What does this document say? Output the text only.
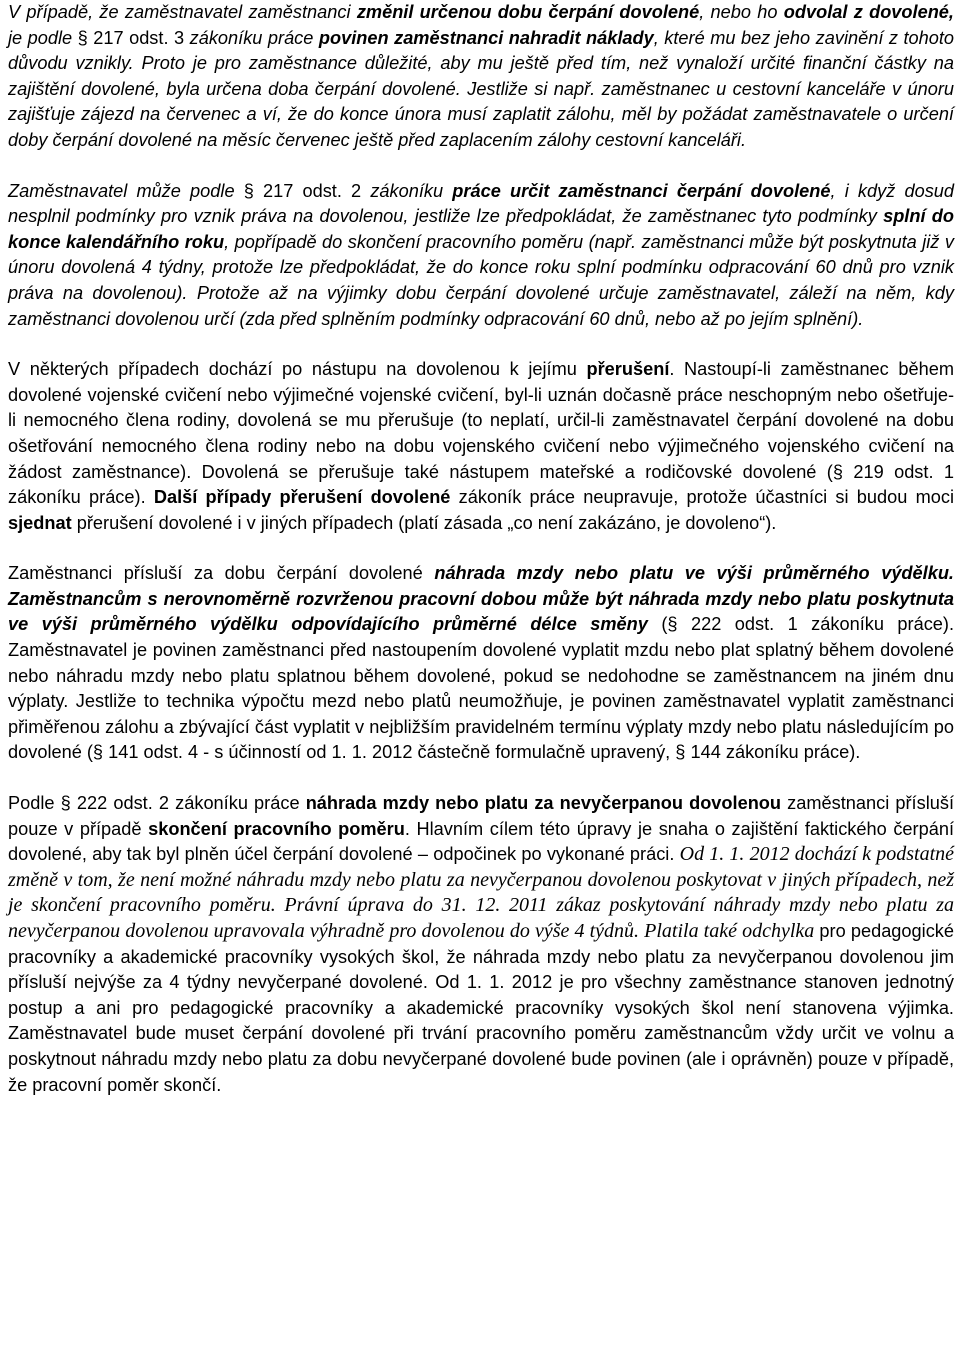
V případě, že zaměstnavatel zaměstnanci změnil určenou dobu čerpání dovolené, nebo ho odvolal z dovolené, je podle § 217 odst. 3 zákoníku práce povinen zaměstnanci nahradit náklady, které mu bez jeho zavinění z tohoto důvodu vznikly. Proto je pro zaměstnance důležité, aby mu ještě před tím, než vynaloží určité finanční částky na zajištění dovolené, byla určena doba čerpání dovolené. Jestliže si např. zaměstnanec u cestovní kanceláře v únoru zajišťuje zájezd na červenec a ví, že do konce února musí zaplatit zálohu, měl by požádat zaměstnavatele o určení doby čerpání dovolené na měsíc červenec ještě před zaplacením zálohy cestovní kanceláři.

Zaměstnavatel může podle § 217 odst. 2 zákoníku práce určit zaměstnanci čerpání dovolené, i když dosud nesplnil podmínky pro vznik práva na dovolenou, jestliže lze předpokládat, že zaměstnanec tyto podmínky splní do konce kalendářního roku, popřípadě do skončení pracovního poměru (např. zaměstnanci může být poskytnuta již v únoru dovolená 4 týdny, protože lze předpokládat, že do konce roku splní podmínku odpracování 60 dnů pro vznik práva na dovolenou). Protože až na výjimky dobu čerpání dovolené určuje zaměstnavatel, záleží na něm, kdy zaměstnanci dovolenou určí (zda před splněním podmínky odpracování 60 dnů, nebo až po jejím splnění).

V některých případech dochází po nástupu na dovolenou k jejímu přerušení. Nastoupí-li zaměstnanec během dovolené vojenské cvičení nebo výjimečné vojenské cvičení, byl-li uznán dočasně práce neschopným nebo ošetřuje-li nemocného člena rodiny, dovolená se mu přerušuje (to neplatí, určil-li zaměstnavatel čerpání dovolené na dobu ošetřování nemocného člena rodiny nebo na dobu vojenského cvičení nebo výjimečného vojenského cvičení na žádost zaměstnance). Dovolená se přerušuje také nástupem mateřské a rodičovské dovolené (§ 219 odst. 1 zákoníku práce). Další případy přerušení dovolené zákoník práce neupravuje, protože účastníci si budou moci sjednat přerušení dovolené i v jiných případech (platí zásada „co není zakázáno, je dovoleno“).

Zaměstnanci přísluší za dobu čerpání dovolené náhrada mzdy nebo platu ve výši průměrného výdělku. Zaměstnancům s nerovnoměrně rozvrženou pracovní dobou může být náhrada mzdy nebo platu poskytnuta ve výši průměrného výdělku odpovídajícího průměrné délce směny (§ 222 odst. 1 zákoníku práce). Zaměstnavatel je povinen zaměstnanci před nastoupením dovolené vyplatit mzdu nebo plat splatný během dovolené nebo náhradu mzdy nebo platu splatnou během dovolené, pokud se nedohodne se zaměstnancem na jiném dnu výplaty. Jestliže to technika výpočtu mezd nebo platů neumožňuje, je povinen zaměstnavatel vyplatit zaměstnanci přiměřenou zálohu a zbývající část vyplatit v nejbližším pravidelném termínu výplaty mzdy nebo platu následujícím po dovolené (§ 141 odst. 4 - s účinností od 1. 1. 2012 částečně formulačně upravený, § 144 zákoníku práce).

Podle § 222 odst. 2 zákoníku práce náhrada mzdy nebo platu za nevyčerpanou dovolenou zaměstnanci přísluší pouze v případě skončení pracovního poměru. Hlavním cílem této úpravy je snaha o zajištění faktického čerpání dovolené, aby tak byl plněn účel čerpání dovolené – odpočinek po vykonané práci. Od 1. 1. 2012 dochází k podstatné změně v tom, že není možné náhradu mzdy nebo platu za nevyčerpanou dovolenou poskytovat v jiných případech, než je skončení pracovního poměru. Právní úprava do 31. 12. 2011 zákaz poskytování náhrady mzdy nebo platu za nevyčerpanou dovolenou upravovala výhradně pro dovolenou do výše 4 týdnů. Platila také odchylka pro pedagogické pracovníky a akademické pracovníky vysokých škol, že náhrada mzdy nebo platu za nevyčerpanou dovolenou jim přísluší nejvýše za 4 týdny nevyčerpané dovolené. Od 1. 1. 2012 je pro všechny zaměstnance stanoven jednotný postup a ani pro pedagogické pracovníky a akademické pracovníky vysokých škol není stanovena výjimka. Zaměstnavatel bude muset čerpání dovolené při trvání pracovního poměru zaměstnancům vždy určit ve volnu a poskytnout náhradu mzdy nebo platu za dobu nevyčerpané dovolené bude povinen (ale i oprávněn) pouze v případě, že pracovní poměr skončí.
